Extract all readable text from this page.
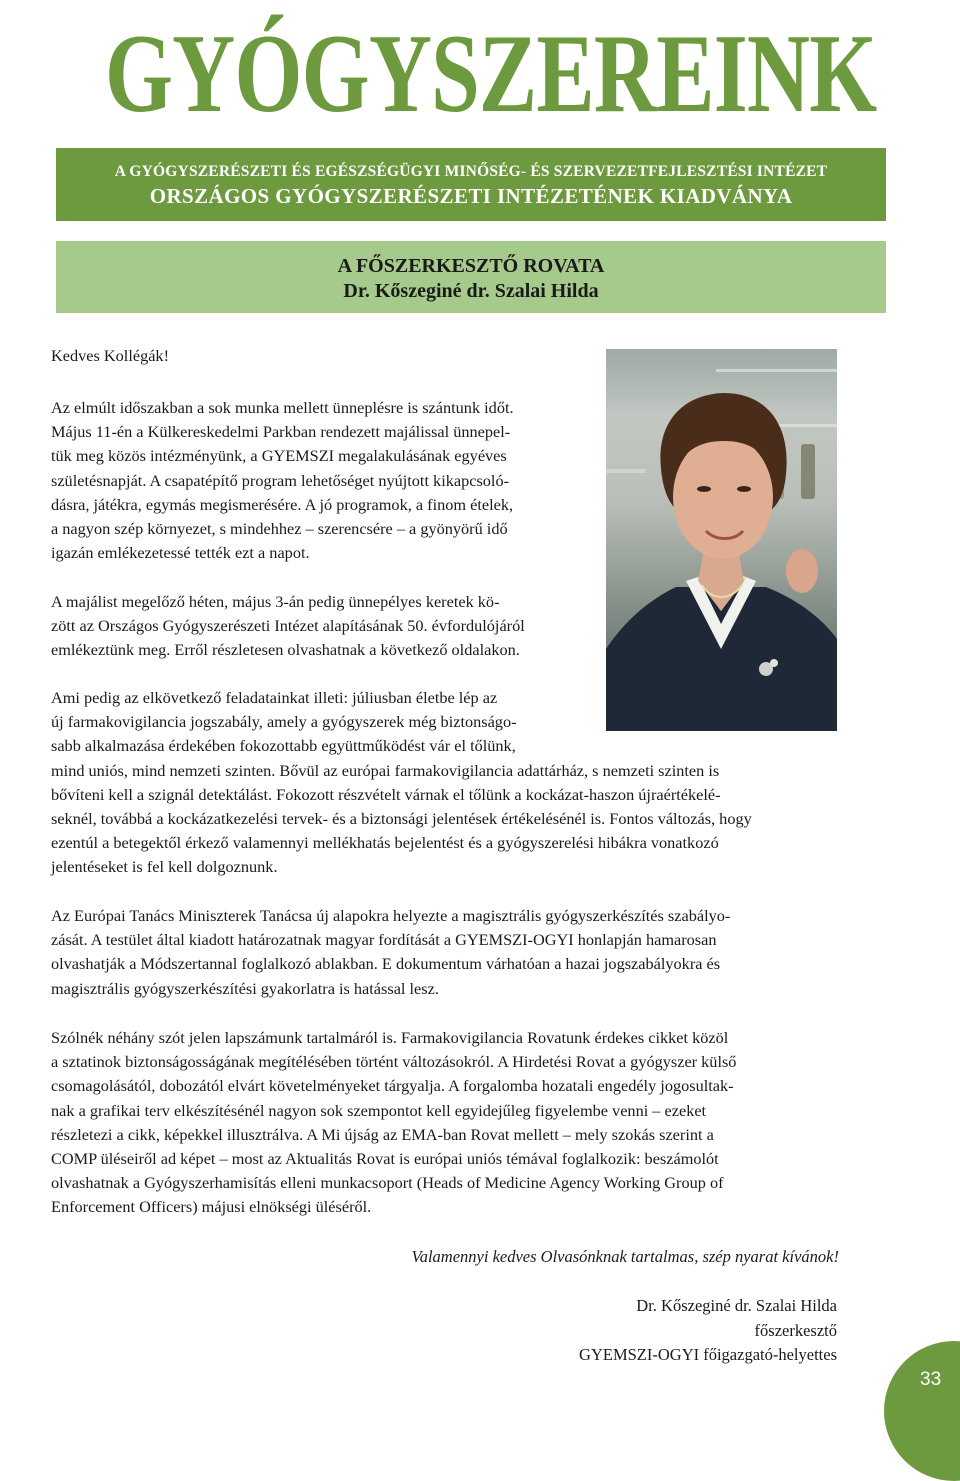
GYÓGYSZEREINK
A GYÓGYSZERÉSZETI ÉS EGÉSZSÉGÜGYI MINŐSÉG- ÉS SZERVEZETFEJLESZTÉSI INTÉZET
ORSZÁGOS GYÓGYSZERÉSZETI INTÉZETÉNEK KIADVÁNYA
A FŐSZERKESZTŐ ROVATA
Dr. Kőszeginé dr. Szalai Hilda
Kedves Kollégák!

Az elmúlt időszakban a sok munka mellett ünneplésre is szántunk időt.

Május 11-én a Külkereskedelmi Parkban rendezett majálissal ünnepel-

tük meg közös intézményünk, a GYEMSZI megalakulásának egyéves

születésnapját. A csapatépítő program lehetőséget nyújtott kikapcsoló-

dásra, játékra, egymás megismerésére. A jó programok, a finom ételek,

a nagyon szép környezet, s mindehhez – szerencsére – a gyönyörű idő

igazán emlékezetessé tették ezt a napot.

A majálist megelőző héten, május 3-án pedig ünnepélyes keretek kö-

zött az Országos Gyógyszerészeti Intézet alapításának 50. évfordulójáról

emlékeztünk meg. Erről részletesen olvashatnak a következő oldalakon.

Ami pedig az elkövetkező feladatainkat illeti: júliusban életbe lép az

új farmakovigilancia jogszabály, amely a gyógyszerek még biztonságo-

sabb alkalmazása érdekében fokozottabb együttműködést vár el tőlünk,

mind uniós, mind nemzeti szinten. Bővül az európai farmakovigilancia adattárház, s nemzeti szinten is

bővíteni kell a szignál detektálást. Fokozott részvételt várnak el tőlünk a kockázat-haszon újraértékelé-

seknél, továbbá a kockázatkezelési tervek- és a biztonsági jelentések értékelésénél is. Fontos változás, hogy

ezentúl a betegektől érkező valamennyi mellékhatás bejelentést és a gyógyszerelési hibákra vonatkozó

jelentéseket is fel kell dolgoznunk.

Az Európai Tanács Miniszterek Tanácsa új alapokra helyezte a magisztrális gyógyszerkészítés szabályo-

zását. A testület által kiadott határozatnak magyar fordítását a GYEMSZI-OGYI honlapján hamarosan

olvashatják a Módszertannal foglalkozó ablakban. E dokumentum várhatóan a hazai jogszabályokra és

magisztrális gyógyszerkészítési gyakorlatra is hatással lesz.

Szólnék néhány szót jelen lapszámunk tartalmáról is. Farmakovigilancia Rovatunk érdekes cikket közöl

a sztatinok biztonságosságának megítélésében történt változásokról. A Hirdetési Rovat a gyógyszer külső

csomagolásától, dobozától elvárt követelményeket tárgyalja. A forgalomba hozatali engedély jogosultak-

nak a grafikai terv elkészítésénél nagyon sok szempontot kell egyidejűleg figyelembe venni – ezeket

részletezi a cikk, képekkel illusztrálva. A Mi újság az EMA-ban Rovat mellett – mely szokás szerint a

COMP üléseiről ad képet – most az Aktualitás Rovat is európai uniós témával foglalkozik: beszámolót

olvashatnak a Gyógyszerhamisítás elleni munkacsoport (Heads of Medicine Agency Working Group of

Enforcement Officers) májusi elnökségi üléséről.

Valamennyi kedves Olvasónknak tartalmas, szép nyarat kívánok!
Dr. Kőszeginé dr. Szalai Hilda
főszerkesztő
GYEMSZI-OGYI főigazgató-helyettes
33
